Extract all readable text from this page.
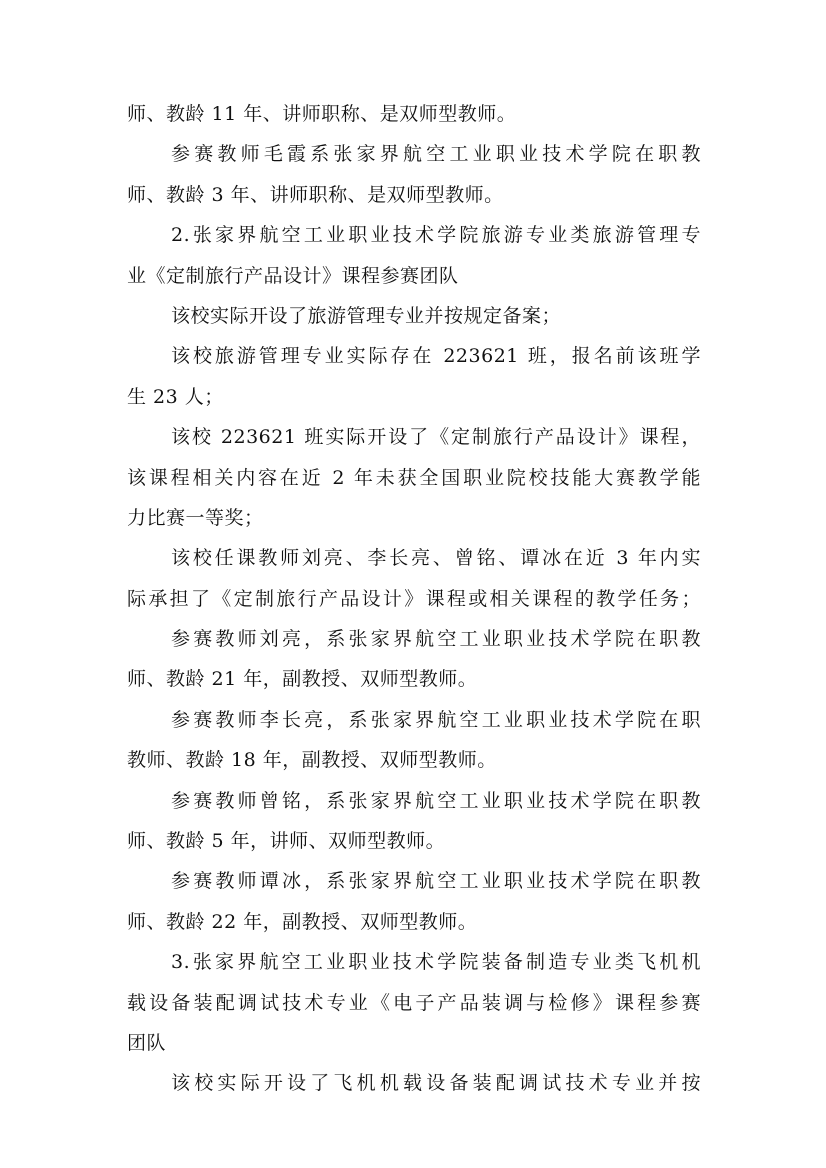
师、教龄 11 年、讲师职称、是双师型教师。
参赛教师毛霞系张家界航空工业职业技术学院在职教
师、教龄 3 年、讲师职称、是双师型教师。
2.张家界航空工业职业技术学院旅游专业类旅游管理专
业《定制旅行产品设计》课程参赛团队
该校实际开设了旅游管理专业并按规定备案；
该校旅游管理专业实际存在 223621 班，报名前该班学
生 23 人；
该校 223621 班实际开设了《定制旅行产品设计》课程，
该课程相关内容在近 2 年未获全国职业院校技能大赛教学能
力比赛一等奖；
该校任课教师刘亮、李长亮、曾铭、谭冰在近 3 年内实
际承担了《定制旅行产品设计》课程或相关课程的教学任务；
参赛教师刘亮，系张家界航空工业职业技术学院在职教
师、教龄 21 年，副教授、双师型教师。
参赛教师李长亮，系张家界航空工业职业技术学院在职
教师、教龄 18 年，副教授、双师型教师。
参赛教师曾铭，系张家界航空工业职业技术学院在职教
师、教龄 5 年，讲师、双师型教师。
参赛教师谭冰，系张家界航空工业职业技术学院在职教
师、教龄 22 年，副教授、双师型教师。
3.张家界航空工业职业技术学院装备制造专业类飞机机
载设备装配调试技术专业《电子产品装调与检修》课程参赛
团队
该校实际开设了飞机机载设备装配调试技术专业并按
